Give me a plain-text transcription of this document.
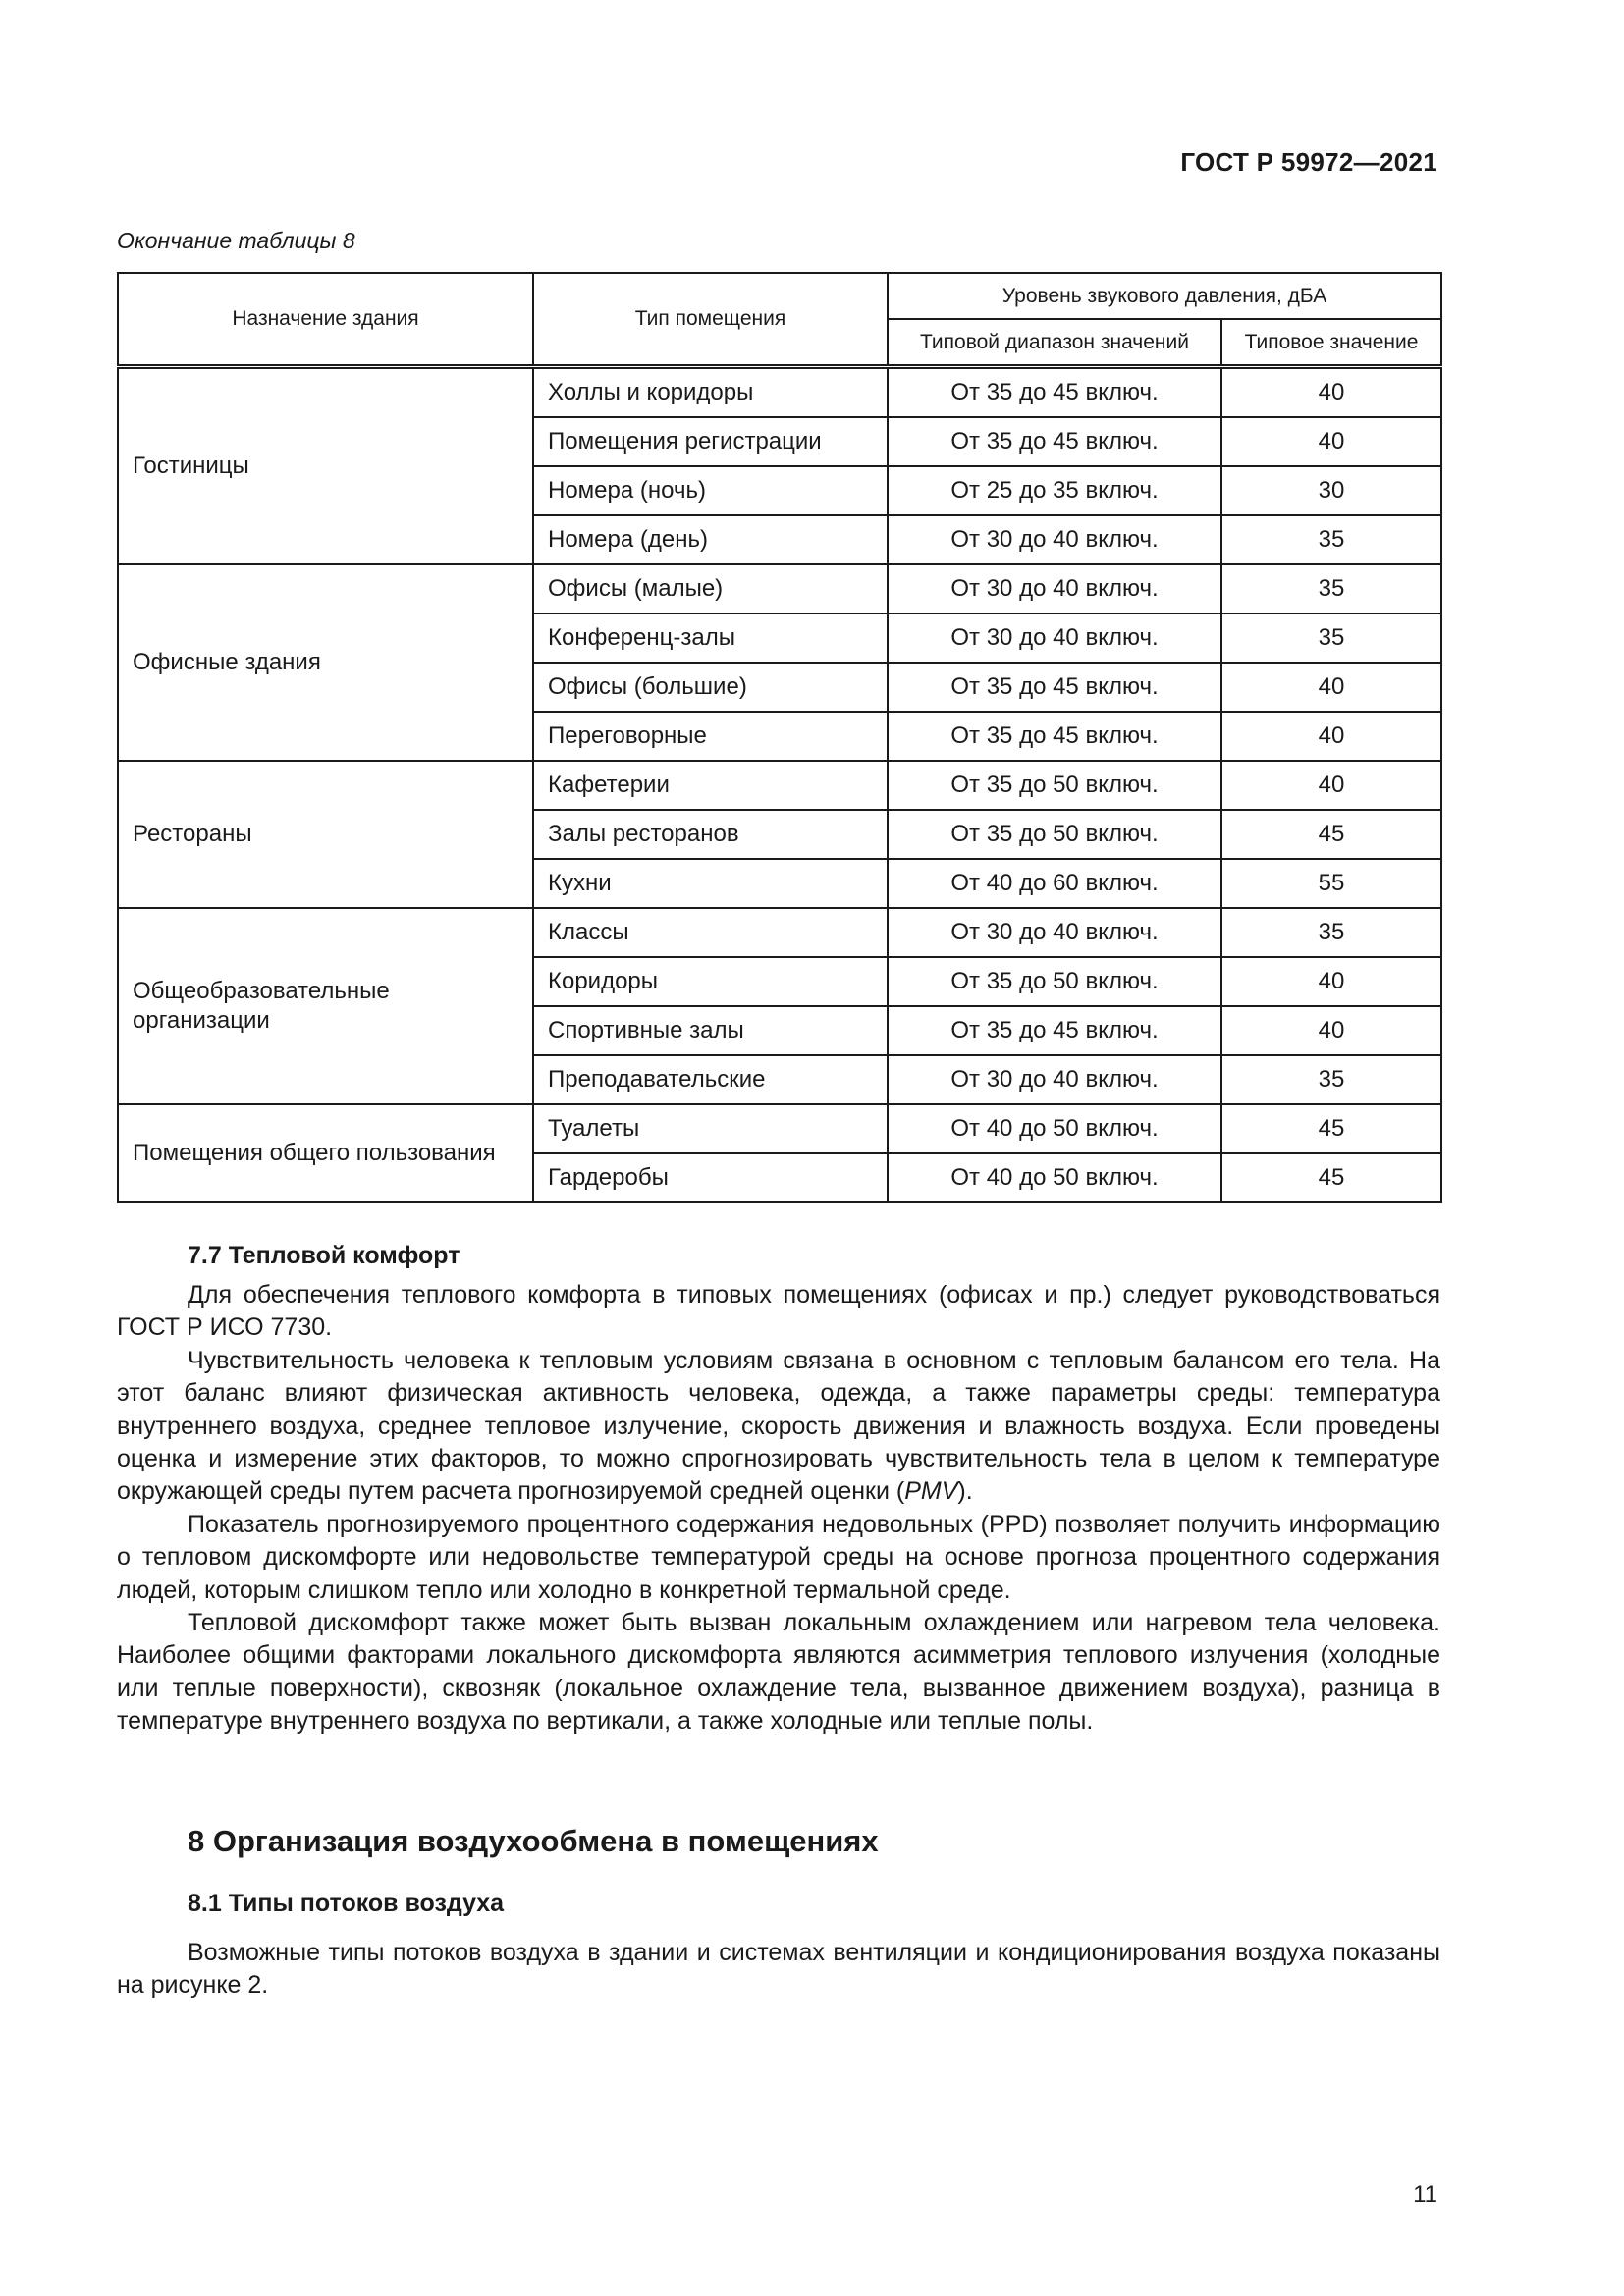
ГОСТ Р 59972—2021
Окончание таблицы 8
Назначение здания	Тип помещения	Уровень звукового давления, дБА	
		Типовой диапазон значений	Типовое значение
Гостиницы	Холлы и коридоры	От 35 до 45 включ.	40
	Помещения регистрации	От 35 до 45 включ.	40
	Номера (ночь)	От 25 до 35 включ.	30
	Номера (день)	От 30 до 40 включ.	35
Офисные здания	Офисы (малые)	От 30 до 40 включ.	35
	Конференц-залы	От 30 до 40 включ.	35
	Офисы (большие)	От 35 до 45 включ.	40
	Переговорные	От 35 до 45 включ.	40
Рестораны	Кафетерии	От 35 до 50 включ.	40
	Залы ресторанов	От 35 до 50 включ.	45
	Кухни	От 40 до 60 включ.	55
Общеобразовательные организации	Классы	От 30 до 40 включ.	35
	Коридоры	От 35 до 50 включ.	40
	Спортивные залы	От 35 до 45 включ.	40
	Преподавательские	От 30 до 40 включ.	35
Помещения общего пользования	Туалеты	От 40 до 50 включ.	45
	Гардеробы	От 40 до 50 включ.	45
7.7 Тепловой комфорт

Для обеспечения теплового комфорта в типовых помещениях (офисах и пр.) следует руководствоваться ГОСТ Р ИСО 7730.

Чувствительность человека к тепловым условиям связана в основном с тепловым балансом его тела. На этот баланс влияют физическая активность человека, одежда, а также параметры среды: температура внутреннего воздуха, среднее тепловое излучение, скорость движения и влажность воздуха. Если проведены оценка и измерение этих факторов, то можно спрогнозировать чувствительность тела в целом к температуре окружающей среды путем расчета прогнозируемой средней оценки (PMV).

Показатель прогнозируемого процентного содержания недовольных (PPD) позволяет получить информацию о тепловом дискомфорте или недовольстве температурой среды на основе прогноза процентного содержания людей, которым слишком тепло или холодно в конкретной термальной среде.

Тепловой дискомфорт также может быть вызван локальным охлаждением или нагревом тела человека. Наиболее общими факторами локального дискомфорта являются асимметрия теплового излучения (холодные или теплые поверхности), сквозняк (локальное охлаждение тела, вызванное движением воздуха), разница в температуре внутреннего воздуха по вертикали, а также холодные или теплые полы.

8 Организация воздухообмена в помещениях
8.1 Типы потоков воздуха

Возможные типы потоков воздуха в здании и системах вентиляции и кондиционирования воздуха показаны на рисунке 2.

11
